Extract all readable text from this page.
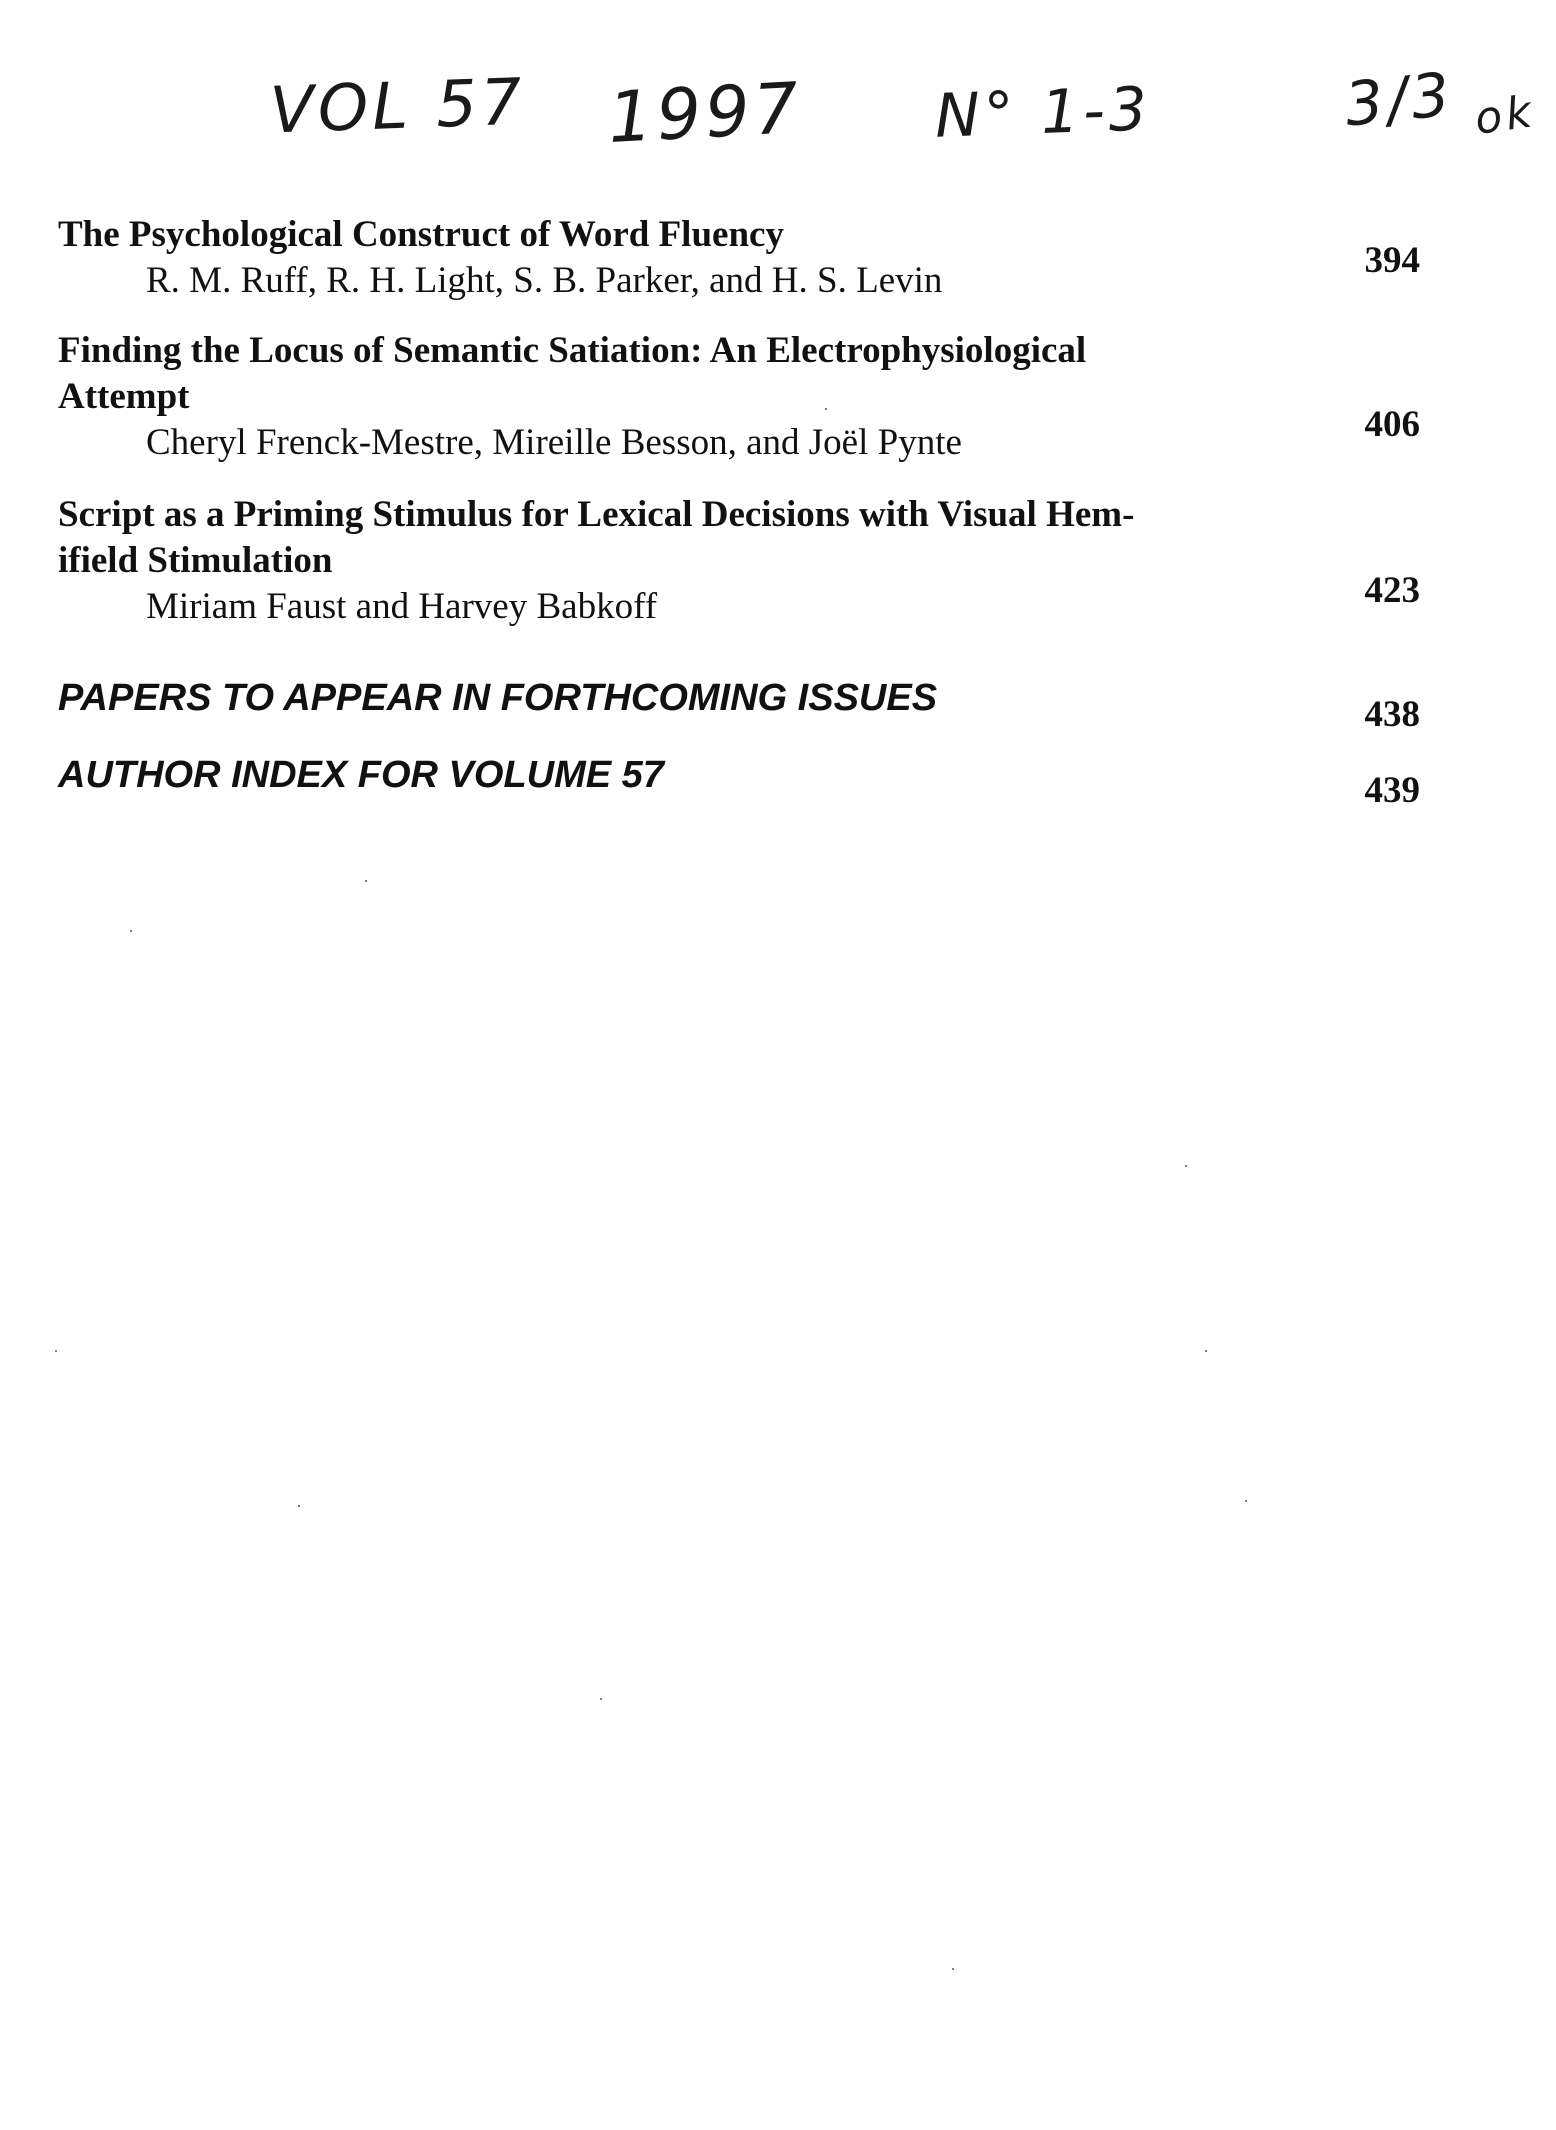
VOL 57 1997 N° 1-3	3/3 ok
The Psychological Construct of Word Fluency
R. M. Ruff, R. H. Light, S. B. Parker, and H. S. Levin	394
Finding the Locus of Semantic Satiation: An Electrophysiological
Attempt
Cheryl Frenck-Mestre, Mireille Besson, and Joël Pynte	406
Script as a Priming Stimulus for Lexical Decisions with Visual Hem-
ifield Stimulation
Miriam Faust and Harvey Babkoff	423
PAPERS TO APPEAR IN FORTHCOMING ISSUES	438
AUTHOR INDEX FOR VOLUME 57	439
